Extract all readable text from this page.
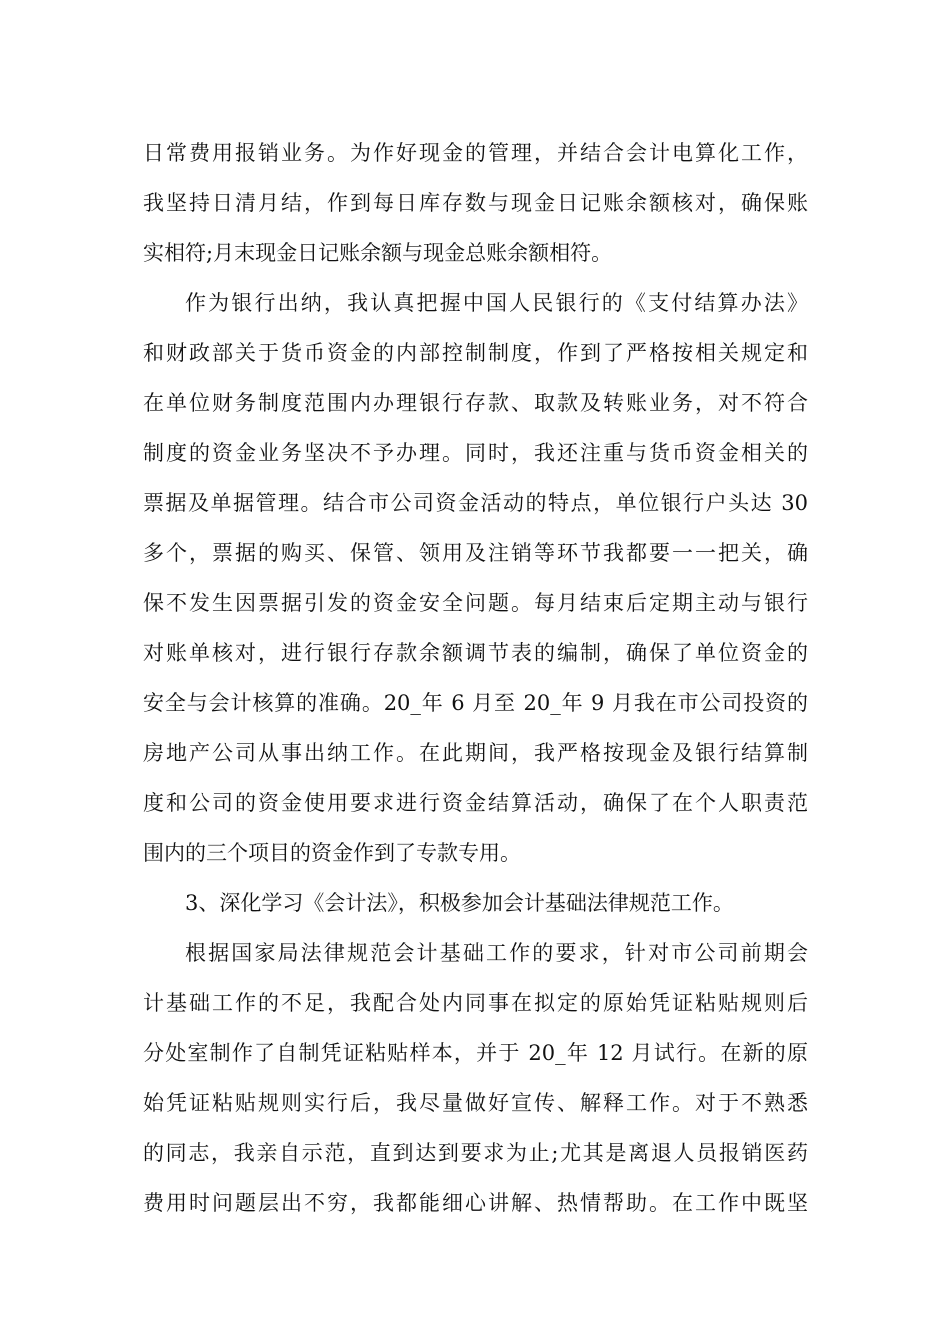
日常费用报销业务。为作好现金的管理，并结合会计电算化工作，
我坚持日清月结，作到每日库存数与现金日记账余额核对，确保账
实相符;月末现金日记账余额与现金总账余额相符。
作为银行出纳，我认真把握中国人民银行的《支付结算办法》
和财政部关于货币资金的内部控制制度，作到了严格按相关规定和
在单位财务制度范围内办理银行存款、取款及转账业务，对不符合
制度的资金业务坚决不予办理。同时，我还注重与货币资金相关的
票据及单据管理。结合市公司资金活动的特点，单位银行户头达 30
多个，票据的购买、保管、领用及注销等环节我都要一一把关，确
保不发生因票据引发的资金安全问题。每月结束后定期主动与银行
对账单核对，进行银行存款余额调节表的编制，确保了单位资金的
安全与会计核算的准确。20_年 6 月至 20_年 9 月我在市公司投资的
房地产公司从事出纳工作。在此期间，我严格按现金及银行结算制
度和公司的资金使用要求进行资金结算活动，确保了在个人职责范
围内的三个项目的资金作到了专款专用。
3、深化学习《会计法》，积极参加会计基础法律规范工作。
根据国家局法律规范会计基础工作的要求，针对市公司前期会
计基础工作的不足，我配合处内同事在拟定的原始凭证粘贴规则后
分处室制作了自制凭证粘贴样本，并于 20_年 12 月试行。在新的原
始凭证粘贴规则实行后，我尽量做好宣传、解释工作。对于不熟悉
的同志，我亲自示范，直到达到要求为止;尤其是离退人员报销医药
费用时问题层出不穷，我都能细心讲解、热情帮助。在工作中既坚
